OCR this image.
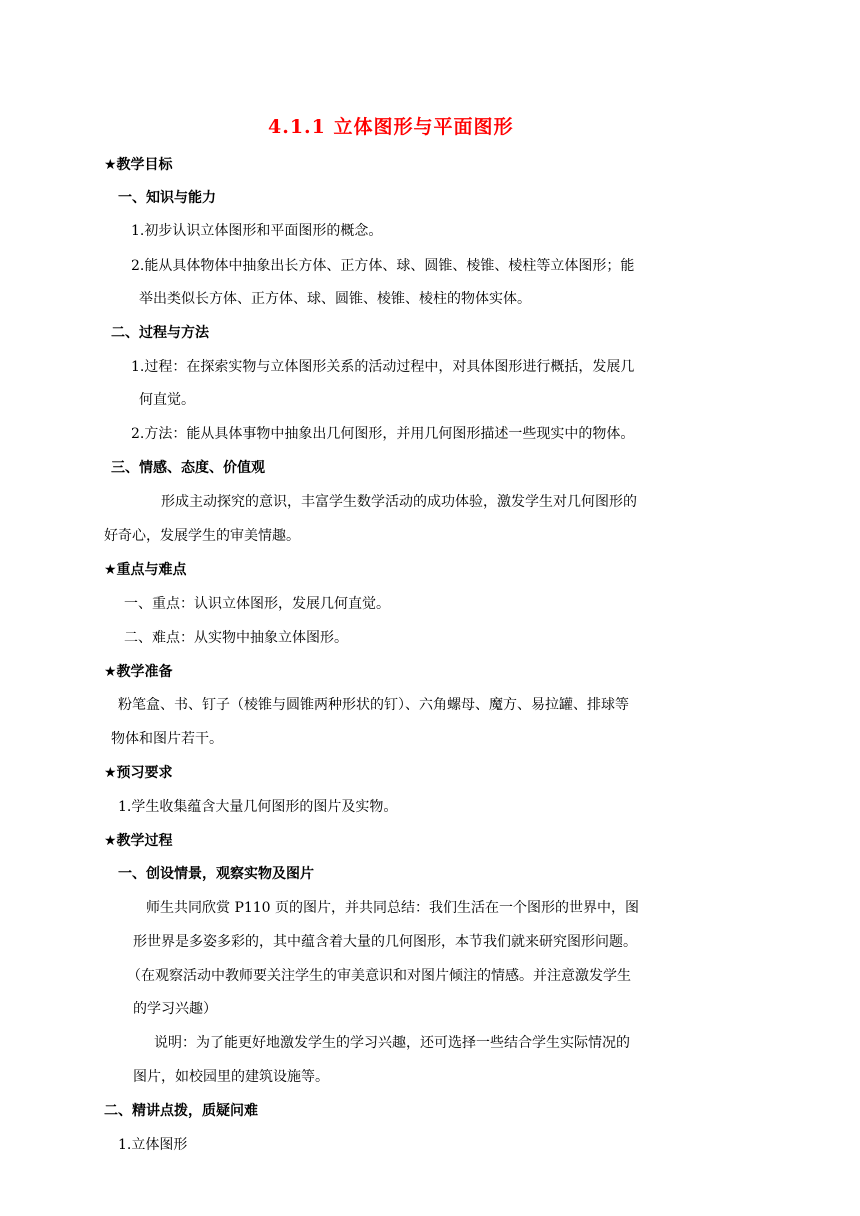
4.1.1 立体图形与平面图形
★教学目标
一、知识与能力
1.初步认识立体图形和平面图形的概念。
2.能从具体物体中抽象出长方体、正方体、球、圆锥、棱锥、棱柱等立体图形；能
举出类似长方体、正方体、球、圆锥、棱锥、棱柱的物体实体。
二、过程与方法
1.过程：在探索实物与立体图形关系的活动过程中，对具体图形进行概括，发展几
何直觉。
2.方法：能从具体事物中抽象出几何图形，并用几何图形描述一些现实中的物体。
三、情感、态度、价值观
形成主动探究的意识，丰富学生数学活动的成功体验，激发学生对几何图形的
好奇心，发展学生的审美情趣。
★重点与难点
一、重点：认识立体图形，发展几何直觉。
二、难点：从实物中抽象立体图形。
★教学准备
粉笔盒、书、钉子（棱锥与圆锥两种形状的钉）、六角螺母、魔方、易拉罐、排球等
物体和图片若干。
★预习要求
1.学生收集蕴含大量几何图形的图片及实物。
★教学过程
一、创设情景，观察实物及图片
师生共同欣赏 P110 页的图片，并共同总结：我们生活在一个图形的世界中，图
形世界是多姿多彩的，其中蕴含着大量的几何图形，本节我们就来研究图形问题。
（在观察活动中教师要关注学生的审美意识和对图片倾注的情感。并注意激发学生
的学习兴趣）
说明：为了能更好地激发学生的学习兴趣，还可选择一些结合学生实际情况的
图片，如校园里的建筑设施等。
二、精讲点拨，质疑问难
1.立体图形
